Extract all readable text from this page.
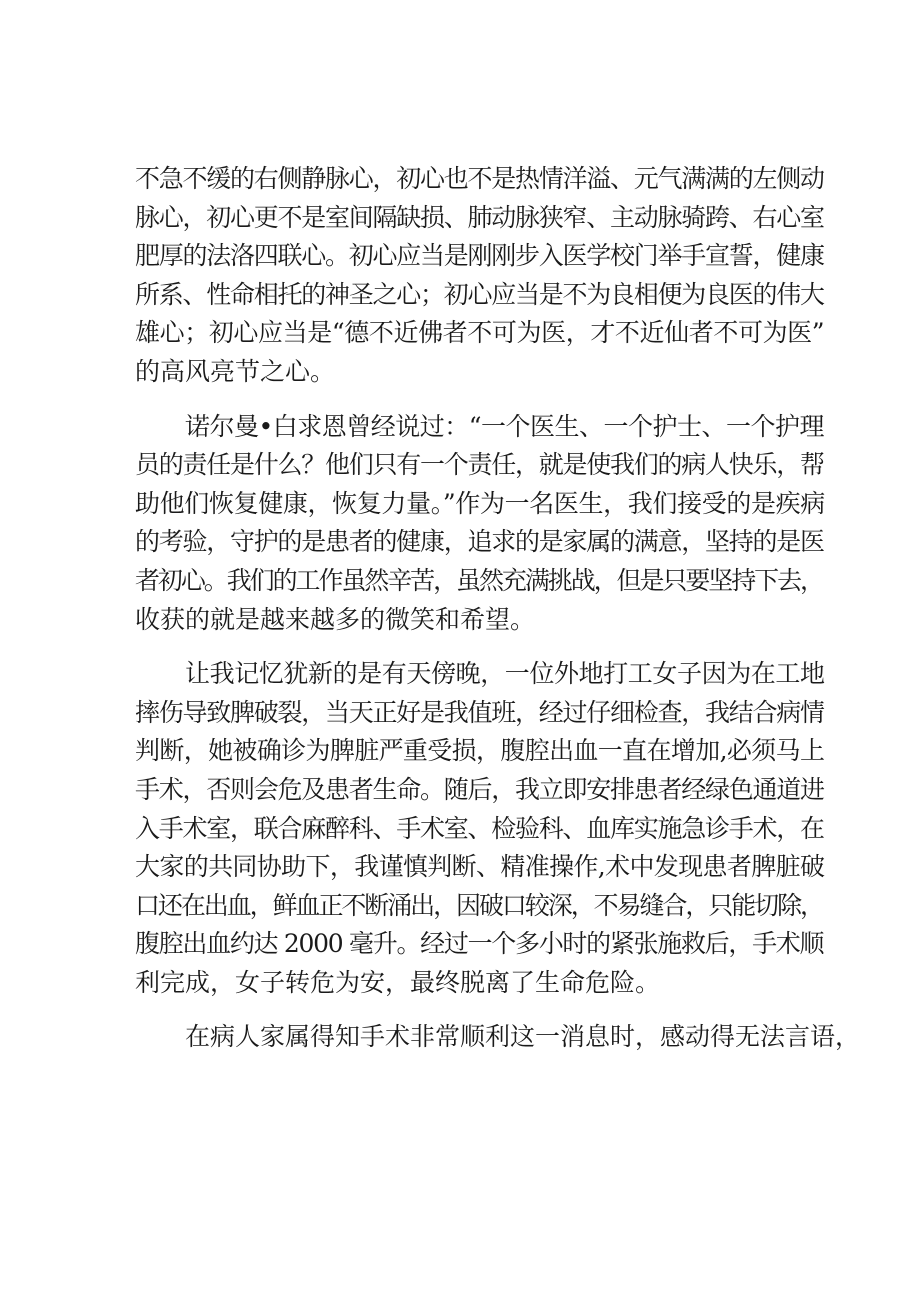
不急不缓的右侧静脉心，初心也不是热情洋溢、元气满满的左侧动
脉心，初心更不是室间隔缺损、肺动脉狭窄、主动脉骑跨、右心室
肥厚的法洛四联心。初心应当是刚刚步入医学校门举手宣誓，健康
所系、性命相托的神圣之心；初心应当是不为良相便为良医的伟大
雄心；初心应当是“德不近佛者不可为医，才不近仙者不可为医”
的高风亮节之心。

诺尔曼•白求恩曾经说过：“一个医生、一个护士、一个护理
员的责任是什么？他们只有一个责任，就是使我们的病人快乐，帮
助他们恢复健康，恢复力量。”作为一名医生，我们接受的是疾病
的考验，守护的是患者的健康，追求的是家属的满意，坚持的是医
者初心。我们的工作虽然辛苦，虽然充满挑战，但是只要坚持下去，
收获的就是越来越多的微笑和希望。

让我记忆犹新的是有天傍晚，一位外地打工女子因为在工地
摔伤导致脾破裂，当天正好是我值班，经过仔细检查，我结合病情
判断，她被确诊为脾脏严重受损，腹腔出血一直在增加,必须马上
手术，否则会危及患者生命。随后，我立即安排患者经绿色通道进
入手术室，联合麻醉科、手术室、检验科、血库实施急诊手术，在
大家的共同协助下，我谨慎判断、精准操作,术中发现患者脾脏破
口还在出血，鲜血正不断涌出，因破口较深，不易缝合，只能切除，
腹腔出血约达 2000 毫升。经过一个多小时的紧张施救后，手术顺
利完成，女子转危为安，最终脱离了生命危险。

在病人家属得知手术非常顺利这一消息时，感动得无法言语，
